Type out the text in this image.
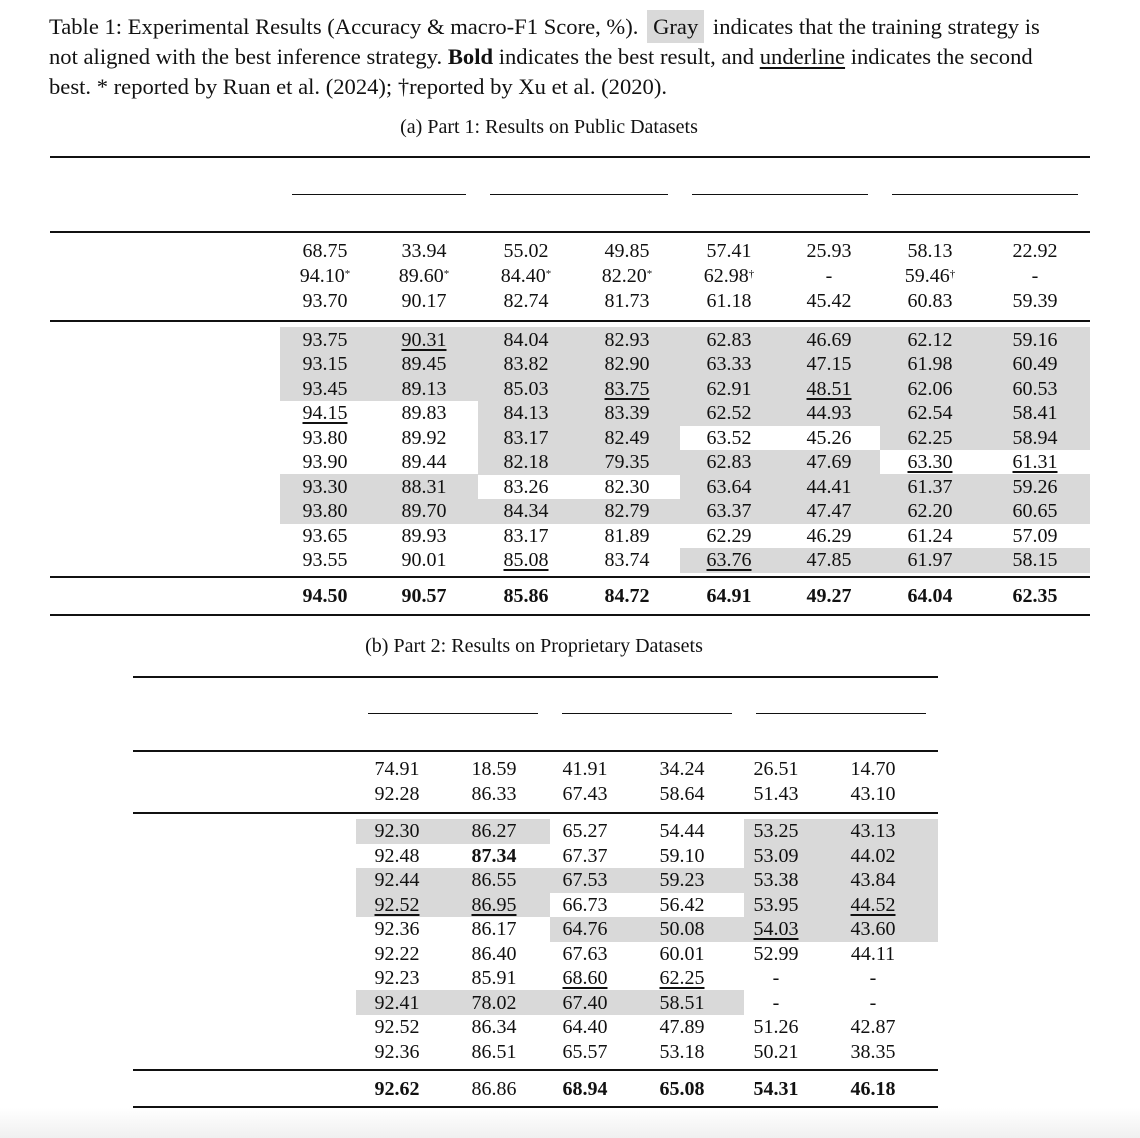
Table 1: Experimental Results (Accuracy & macro-F1 Score, %). Gray indicates that the training strategy is not aligned with the best inference strategy. Bold indicates the best result, and underline indicates the second best. * reported by Ruan et al. (2024); †reported by Xu et al. (2020).
(a) Part 1: Results on Public Datasets
(b) Part 2: Results on Proprietary Datasets
68.75	33.94	55.02	49.85	57.41	25.93	58.13	22.92
94.10*	89.60*	84.40*	82.20*	62.98†	-	59.46†	-
93.70	90.17	82.74	81.73	61.18	45.42	60.83	59.39
93.75	90.31	84.04	82.93	62.83	46.69	62.12	59.16
93.15	89.45	83.82	82.90	63.33	47.15	61.98	60.49
93.45	89.13	85.03	83.75	62.91	48.51	62.06	60.53
94.15	89.83	84.13	83.39	62.52	44.93	62.54	58.41
93.80	89.92	83.17	82.49	63.52	45.26	62.25	58.94
93.90	89.44	82.18	79.35	62.83	47.69	63.30	61.31
93.30	88.31	83.26	82.30	63.64	44.41	61.37	59.26
93.80	89.70	84.34	82.79	63.37	47.47	62.20	60.65
93.65	89.93	83.17	81.89	62.29	46.29	61.24	57.09
93.55	90.01	85.08	83.74	63.76	47.85	61.97	58.15
94.50	90.57	85.86	84.72	64.91	49.27	64.04	62.35
74.91	18.59	41.91	34.24	26.51	14.70
92.28	86.33	67.43	58.64	51.43	43.10
92.30	86.27	65.27	54.44	53.25	43.13
92.48	87.34	67.37	59.10	53.09	44.02
92.44	86.55	67.53	59.23	53.38	43.84
92.52	86.95	66.73	56.42	53.95	44.52
92.36	86.17	64.76	50.08	54.03	43.60
92.22	86.40	67.63	60.01	52.99	44.11
92.23	85.91	68.60	62.25	-	-
92.41	78.02	67.40	58.51	-	-
92.52	86.34	64.40	47.89	51.26	42.87
92.36	86.51	65.57	53.18	50.21	38.35
92.62	86.86	68.94	65.08	54.31	46.18
